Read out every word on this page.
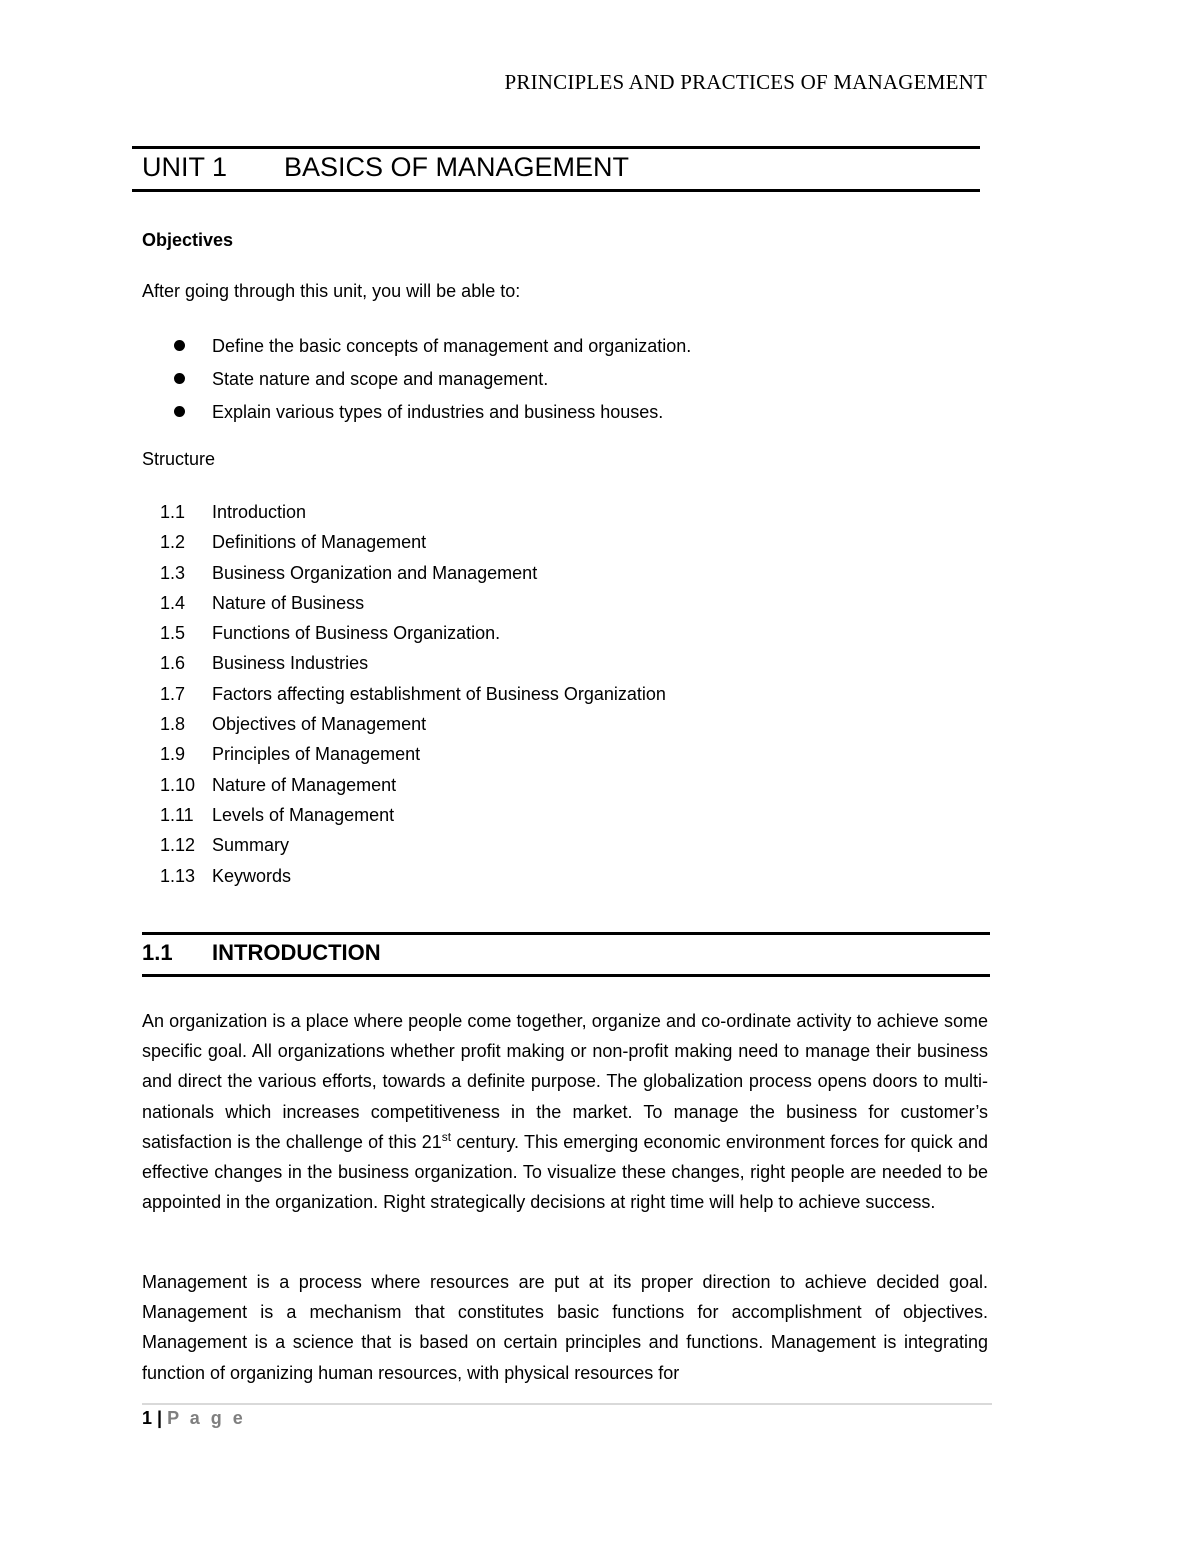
PRINCIPLES AND PRACTICES OF MANAGEMENT
UNIT 1	BASICS OF MANAGEMENT
Objectives
After going through this unit, you will be able to:
Define the basic concepts of management and organization.
State nature and scope and management.
Explain various types of industries and business houses.
Structure
1.1	Introduction
1.2	Definitions of Management
1.3	Business Organization and Management
1.4	Nature of Business
1.5	Functions of Business Organization.
1.6	Business Industries
1.7	Factors affecting establishment of Business Organization
1.8	Objectives of Management
1.9	Principles of Management
1.10 Nature of Management
1.11	Levels of Management
1.12 Summary
1.13 Keywords
1.1	INTRODUCTION

An organization is a place where people come together, organize and co-ordinate activity to achieve some specific goal. All organizations whether profit making or non-profit making need to manage their business and direct the various efforts, towards a definite purpose. The globalization process opens doors to multi-nationals which increases competitiveness in the market. To manage the business for customer’s satisfaction is the challenge of this 21st century. This emerging economic environment forces for quick and effective changes in the business organization. To visualize these changes, right people are needed to be appointed in the organization. Right strategically decisions at right time will help to achieve success.

Management is a process where resources are put at its proper direction to achieve decided goal. Management is a mechanism that constitutes basic functions for accomplishment of objectives. Management is a science that is based on certain principles and functions. Management is integrating function of organizing human resources, with physical resources for

1 | P a g e
